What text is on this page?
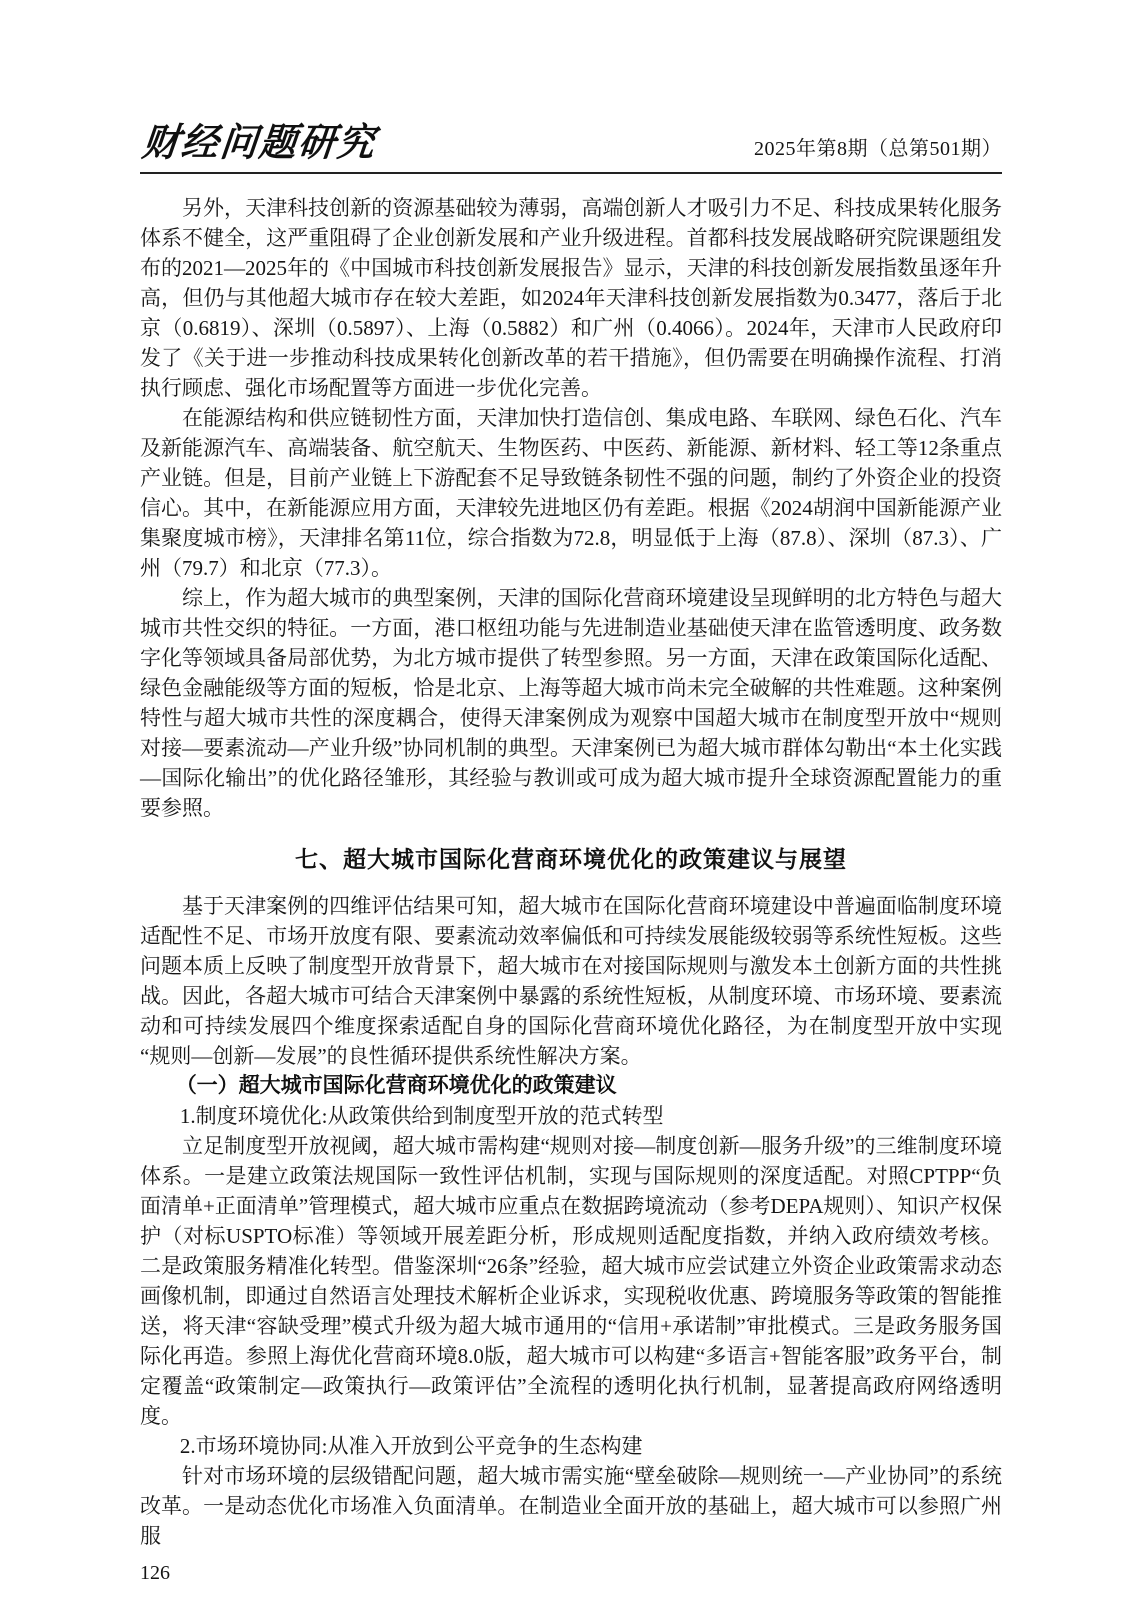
财经问题研究	2025年第8期（总第501期）

另外，天津科技创新的资源基础较为薄弱，高端创新人才吸引力不足、科技成果转化服务体系不健全，这严重阻碍了企业创新发展和产业升级进程。首都科技发展战略研究院课题组发布的2021—2025年的《中国城市科技创新发展报告》显示，天津的科技创新发展指数虽逐年升高，但仍与其他超大城市存在较大差距，如2024年天津科技创新发展指数为0.3477，落后于北京（0.6819）、深圳（0.5897）、上海（0.5882）和广州（0.4066）。2024年，天津市人民政府印发了《关于进一步推动科技成果转化创新改革的若干措施》，但仍需要在明确操作流程、打消执行顾虑、强化市场配置等方面进一步优化完善。

在能源结构和供应链韧性方面，天津加快打造信创、集成电路、车联网、绿色石化、汽车及新能源汽车、高端装备、航空航天、生物医药、中医药、新能源、新材料、轻工等12条重点产业链。但是，目前产业链上下游配套不足导致链条韧性不强的问题，制约了外资企业的投资信心。其中，在新能源应用方面，天津较先进地区仍有差距。根据《2024胡润中国新能源产业集聚度城市榜》，天津排名第11位，综合指数为72.8，明显低于上海（87.8）、深圳（87.3）、广州（79.7）和北京（77.3）。

综上，作为超大城市的典型案例，天津的国际化营商环境建设呈现鲜明的北方特色与超大城市共性交织的特征。一方面，港口枢纽功能与先进制造业基础使天津在监管透明度、政务数字化等领域具备局部优势，为北方城市提供了转型参照。另一方面，天津在政策国际化适配、绿色金融能级等方面的短板，恰是北京、上海等超大城市尚未完全破解的共性难题。这种案例特性与超大城市共性的深度耦合，使得天津案例成为观察中国超大城市在制度型开放中“规则对接—要素流动—产业升级”协同机制的典型。天津案例已为超大城市群体勾勒出“本土化实践—国际化输出”的优化路径雏形，其经验与教训或可成为超大城市提升全球资源配置能力的重要参照。

七、超大城市国际化营商环境优化的政策建议与展望

基于天津案例的四维评估结果可知，超大城市在国际化营商环境建设中普遍面临制度环境适配性不足、市场开放度有限、要素流动效率偏低和可持续发展能级较弱等系统性短板。这些问题本质上反映了制度型开放背景下，超大城市在对接国际规则与激发本土创新方面的共性挑战。因此，各超大城市可结合天津案例中暴露的系统性短板，从制度环境、市场环境、要素流动和可持续发展四个维度探索适配自身的国际化营商环境优化路径，为在制度型开放中实现“规则—创新—发展”的良性循环提供系统性解决方案。

（一）超大城市国际化营商环境优化的政策建议

1.制度环境优化:从政策供给到制度型开放的范式转型

立足制度型开放视阈，超大城市需构建“规则对接—制度创新—服务升级”的三维制度环境体系。一是建立政策法规国际一致性评估机制，实现与国际规则的深度适配。对照CPTPP“负面清单+正面清单”管理模式，超大城市应重点在数据跨境流动（参考DEPA规则）、知识产权保护（对标USPTO标准）等领域开展差距分析，形成规则适配度指数，并纳入政府绩效考核。二是政策服务精准化转型。借鉴深圳“26条”经验，超大城市应尝试建立外资企业政策需求动态画像机制，即通过自然语言处理技术解析企业诉求，实现税收优惠、跨境服务等政策的智能推送，将天津“容缺受理”模式升级为超大城市通用的“信用+承诺制”审批模式。三是政务服务国际化再造。参照上海优化营商环境8.0版，超大城市可以构建“多语言+智能客服”政务平台，制定覆盖“政策制定—政策执行—政策评估”全流程的透明化执行机制，显著提高政府网络透明度。

2.市场环境协同:从准入开放到公平竞争的生态构建

针对市场环境的层级错配问题，超大城市需实施“壁垒破除—规则统一—产业协同”的系统改革。一是动态优化市场准入负面清单。在制造业全面开放的基础上，超大城市可以参照广州服

126
